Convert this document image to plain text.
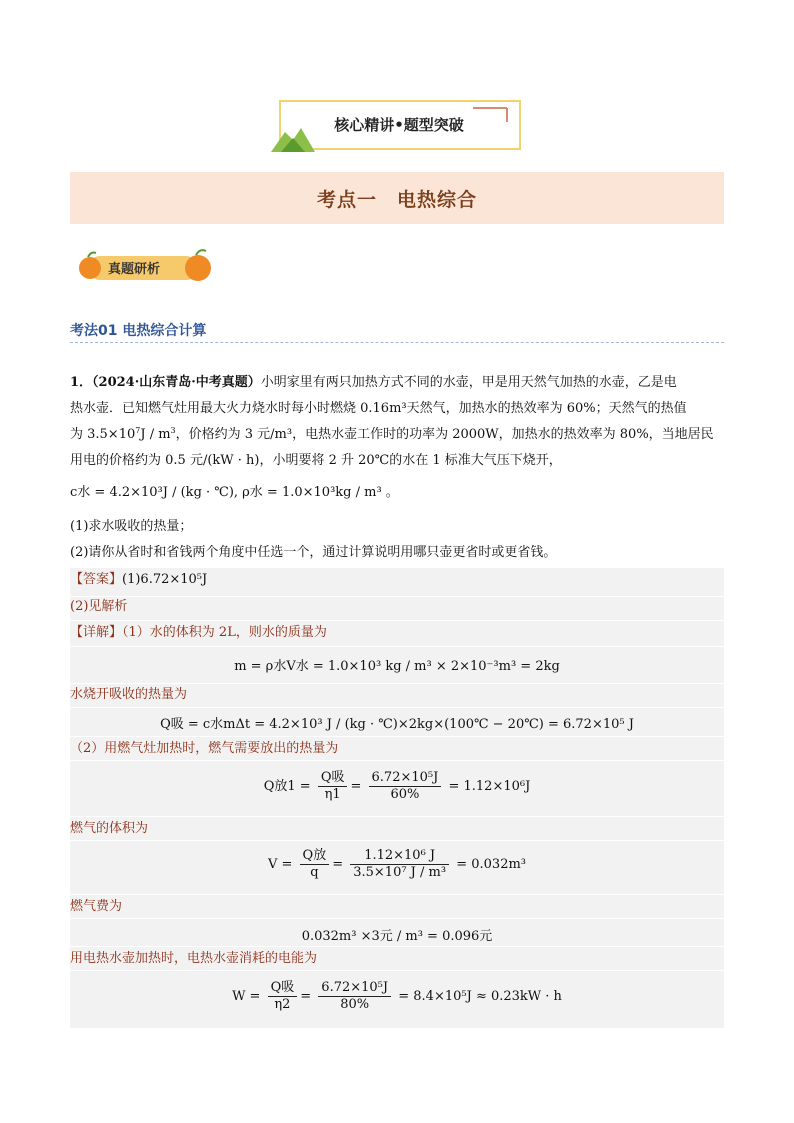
核心精讲•题型突破
考点一　电热综合
真题研析
考法01 电热综合计算
1．（2024·山东青岛·中考真题）小明家里有两只加热方式不同的水壶，甲是用天然气加热的水壶，乙是电
热水壶．已知燃气灶用最大火力烧水时每小时燃烧 0.16m³天然气，加热水的热效率为 60%；天然气的热值
为 $3.5\times 10^7J / m^3$，价格约为 3 元/m³，电热水壶工作时的功率为 2000W，加热水的热效率为 80%，当地居民
用电的价格约为 0.5 元/(kW · h)，小明要将 2 升 20℃的水在 1 标准大气压下烧开，
c水 = 4.2×10³J / (kg · ℃), ρ水 = 1.0×10³kg / m³ 。
(1)求水吸收的热量；
(2)请你从省时和省钱两个角度中任选一个，通过计算说明用哪只壶更省时或更省钱。
【答案】(1)6.72×10⁵J
(2)见解析
【详解】（1）水的体积为 2L，则水的质量为
m = ρ水V水 = 1.0×10³ kg / m³ × 2×10⁻³m³ = 2kg
水烧开吸收的热量为
Q吸 = c水mΔt = 4.2×10³ J / (kg · ℃)×2kg×(100℃ − 20℃) = 6.72×10⁵ J
（2）用燃气灶加热时，燃气需要放出的热量为
Q放$1 = \frac{\text{Q吸}}{\eta 1} = \frac{\text{6.72×10⁵J}}{60\%} = 1.12\times 10^6J$
燃气的体积为
$V = \frac{\text{Q放}}{q} = \frac{\text{1.12×10⁶ J}}{\text{3.5×10⁷ J / m³}} = 0.032m^3$
燃气费为
0.032m³ ×3元 / m³ = 0.096元
用电热水壶加热时，电热水壶消耗的电能为
$W = \frac{\text{Q吸}}{\eta 2} = \frac{\text{6.72×10⁵J}}{80\%} = 8.4\times 10^5J \approx 0.23kW \cdot h$
